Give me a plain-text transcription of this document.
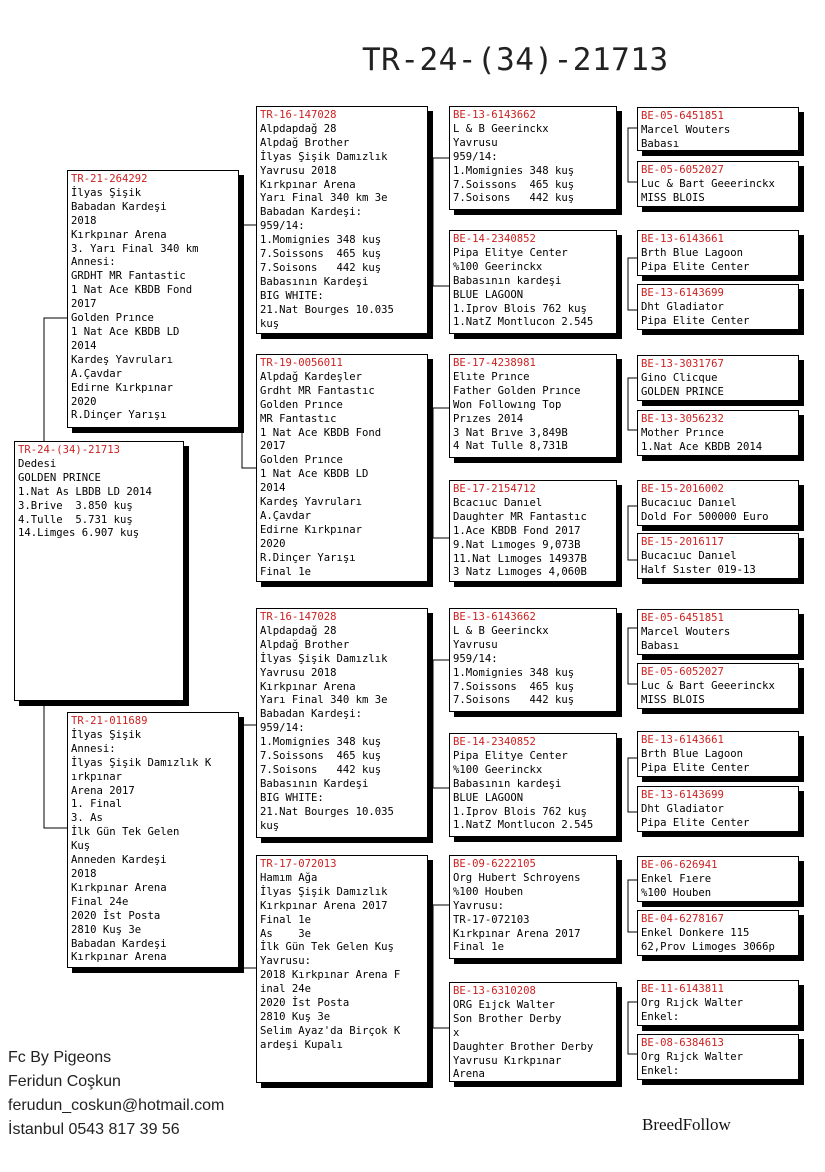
TR-24-(34)-21713
TR-24-(34)-21713
Dedesi
GOLDEN PRINCE
1.Nat As LBDB LD 2014
3.Brive  3.850 kuş
4.Tulle  5.731 kuş
14.Limges 6.907 kuş
TR-21-264292
İlyas Şişik
Babadan Kardeşi
2018
Kırkpınar Arena
3. Yarı Final 340 km
Annesi:
GRDHT MR Fantastic
1 Nat Ace KBDB Fond
2017
Golden Prınce
1 Nat Ace KBDB LD
2014
Kardeş Yavruları
A.Çavdar
Edirne Kırkpınar
2020
R.Dinçer Yarışı
TR-21-011689
İlyas Şişik
Annesi:
İlyas Şişik Damızlık K
ırkpınar
Arena 2017
1. Final
3. As
İlk Gün Tek Gelen
Kuş
Anneden Kardeşi
2018
Kırkpınar Arena
Final 24e
2020 İst Posta
2810 Kuş 3e
Babadan Kardeşi
Kırkpınar Arena
TR-16-147028
Alpdapdağ 28
Alpdağ Brother
İlyas Şişik Damızlık
Yavrusu 2018
Kırkpınar Arena
Yarı Final 340 km 3e
Babadan Kardeşi:
959/14:
1.Momignies 348 kuş
7.Soissons  465 kuş
7.Soisons   442 kuş
Babasının Kardeşi
BIG WHITE:
21.Nat Bourges 10.035
kuş
TR-19-0056011
Alpdağ Kardeşler
Grdht MR Fantastıc
Golden Prınce
MR Fantastıc
1 Nat Ace KBDB Fond
2017
Golden Prınce
1 Nat Ace KBDB LD
2014
Kardeş Yavruları
A.Çavdar
Edirne Kırkpınar
2020
R.Dinçer Yarışı
Final 1e
TR-16-147028
Alpdapdağ 28
Alpdağ Brother
İlyas Şişik Damızlık
Yavrusu 2018
Kırkpınar Arena
Yarı Final 340 km 3e
Babadan Kardeşi:
959/14:
1.Momignies 348 kuş
7.Soissons  465 kuş
7.Soisons   442 kuş
Babasının Kardeşi
BIG WHITE:
21.Nat Bourges 10.035
kuş
TR-17-072013
Hamım Ağa
İlyas Şişik Damızlık
Kırkpınar Arena 2017
Final 1e
As    3e
İlk Gün Tek Gelen Kuş
Yavrusu:
2018 Kırkpınar Arena F
inal 24e
2020 İst Posta
2810 Kuş 3e
Selim Ayaz'da Birçok K
ardeşi Kupalı
BE-13-6143662
L & B Geerinckx
Yavrusu
959/14:
1.Momignies 348 kuş
7.Soissons  465 kuş
7.Soisons   442 kuş
BE-14-2340852
Pipa Elitye Center
%100 Geerinckx
Babasının kardeşi
BLUE LAGOON
1.Iprov Blois 762 kuş
1.NatZ Montlucon 2.545
BE-17-4238981
Elıte Prınce
Father Golden Prınce
Won Followıng Top
Prızes 2014
3 Nat Brıve 3,849B
4 Nat Tulle 8,731B
BE-17-2154712
Bcacıuc Danıel
Daughter MR Fantastıc
1.Ace KBDB Fond 2017
9.Nat Lımoges 9,073B
11.Nat Lımoges 14937B
3 Natz Lımoges 4,060B
BE-13-6143662
L & B Geerinckx
Yavrusu
959/14:
1.Momignies 348 kuş
7.Soissons  465 kuş
7.Soisons   442 kuş
BE-14-2340852
Pipa Elitye Center
%100 Geerinckx
Babasının kardeşi
BLUE LAGOON
1.Iprov Blois 762 kuş
1.NatZ Montlucon 2.545
BE-09-6222105
Org Hubert Schroyens
%100 Houben
Yavrusu:
TR-17-072103
Kırkpınar Arena 2017
Final 1e
BE-13-6310208
ORG Eıjck Walter
Son Brother Derby
x
Daughter Brother Derby
Yavrusu Kırkpınar
Arena
BE-05-6451851
Marcel Wouters
Babası
BE-05-6052027
Luc & Bart Geeerinckx
MISS BLOIS
BE-13-6143661
Brth Blue Lagoon
Pipa Elite Center
BE-13-6143699
Dht Gladiator
Pipa Elite Center
BE-13-3031767
Gino Clicque
GOLDEN PRINCE
BE-13-3056232
Mother Prınce
1.Nat Ace KBDB 2014
BE-15-2016002
Bucacıuc Danıel
Dold For 500000 Euro
BE-15-2016117
Bucacıuc Danıel
Half Sıster 019-13
BE-05-6451851
Marcel Wouters
Babası
BE-05-6052027
Luc & Bart Geeerinckx
MISS BLOIS
BE-13-6143661
Brth Blue Lagoon
Pipa Elite Center
BE-13-6143699
Dht Gladiator
Pipa Elite Center
BE-06-626941
Enkel Fıere
%100 Houben
BE-04-6278167
Enkel Donkere 115
62,Prov Limoges 3066p
BE-11-6143811
Org Rıjck Walter
Enkel:
BE-08-6384613
Org Rıjck Walter
Enkel:
Fc By Pigeons
Feridun Coşkun
ferudun_coskun@hotmail.com
İstanbul 0543 817 39 56	BreedFollow
